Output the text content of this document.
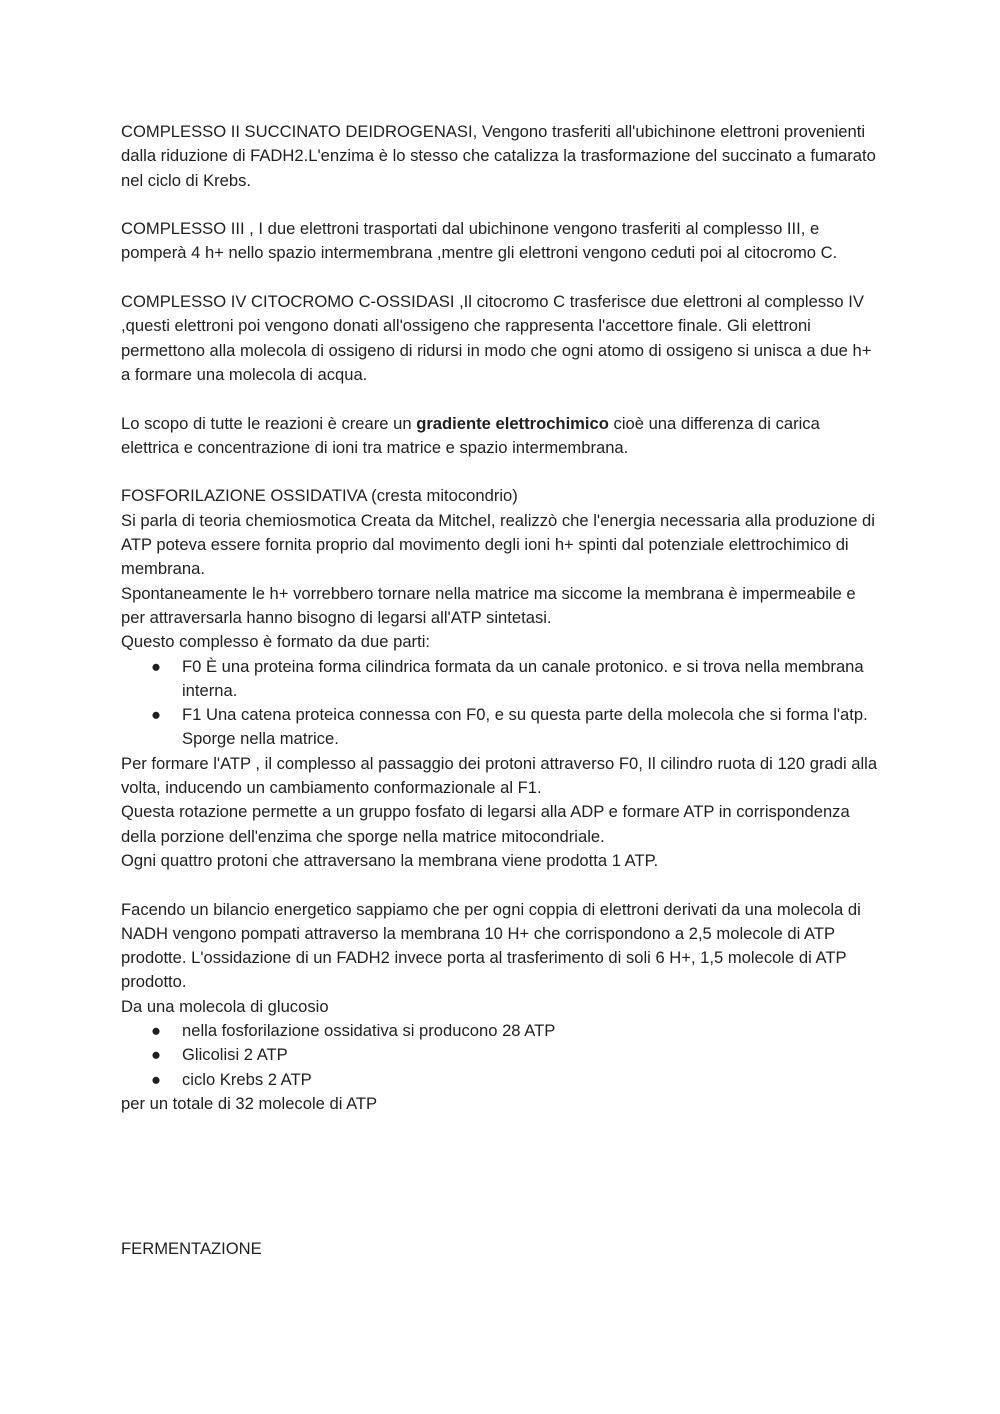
COMPLESSO II SUCCINATO DEIDROGENASI, Vengono trasferiti all'ubichinone elettroni provenienti dalla riduzione di FADH2.L'enzima è lo stesso che catalizza la trasformazione del succinato a fumarato nel ciclo di Krebs.

COMPLESSO III , I due elettroni trasportati dal ubichinone vengono trasferiti al complesso III, e pomperà 4 h+ nello spazio intermembrana ,mentre gli elettroni vengono ceduti poi al citocromo C.

COMPLESSO IV CITOCROMO C-OSSIDASI ,Il citocromo C trasferisce due elettroni al complesso IV ,questi elettroni poi vengono donati all'ossigeno che rappresenta l'accettore finale. Gli elettroni permettono alla molecola di ossigeno di ridursi in modo che ogni atomo di ossigeno si unisca a due h+ a formare una molecola di acqua.

Lo scopo di tutte le reazioni è creare un gradiente elettrochimico cioè una differenza di carica elettrica e concentrazione di ioni tra matrice e spazio intermembrana.

FOSFORILAZIONE OSSIDATIVA (cresta mitocondrio)

Si parla di teoria chemiosmotica Creata da Mitchel, realizzò che l'energia necessaria alla produzione di ATP poteva essere fornita proprio dal movimento degli ioni h+ spinti dal potenziale elettrochimico di membrana.

Spontaneamente le h+ vorrebbero tornare nella matrice ma siccome la membrana è impermeabile e per attraversarla hanno bisogno di legarsi all'ATP sintetasi.

Questo complesso è formato da due parti:

● F0 È una proteina forma cilindrica formata da un canale protonico. e si trova nella membrana interna.
● F1 Una catena proteica connessa con F0, e su questa parte della molecola che si forma l'atp. Sporge nella matrice.

Per formare l'ATP , il complesso al passaggio dei protoni attraverso F0, Il cilindro ruota di 120 gradi alla volta, inducendo un cambiamento conformazionale al F1.

Questa rotazione permette a un gruppo fosfato di legarsi alla ADP e formare ATP in corrispondenza della porzione dell'enzima che sporge nella matrice mitocondriale.

Ogni quattro protoni che attraversano la membrana viene prodotta 1 ATP.

Facendo un bilancio energetico sappiamo che per ogni coppia di elettroni derivati da una molecola di NADH vengono pompati attraverso la membrana 10 H+ che corrispondono a 2,5 molecole di ATP prodotte. L'ossidazione di un FADH2 invece porta al trasferimento di soli 6 H+, 1,5 molecole di ATP prodotto.

Da una molecola di glucosio

● nella fosforilazione ossidativa si producono 28 ATP
● Glicolisi 2 ATP
● ciclo Krebs 2 ATP

per un totale di 32 molecole di ATP

FERMENTAZIONE
